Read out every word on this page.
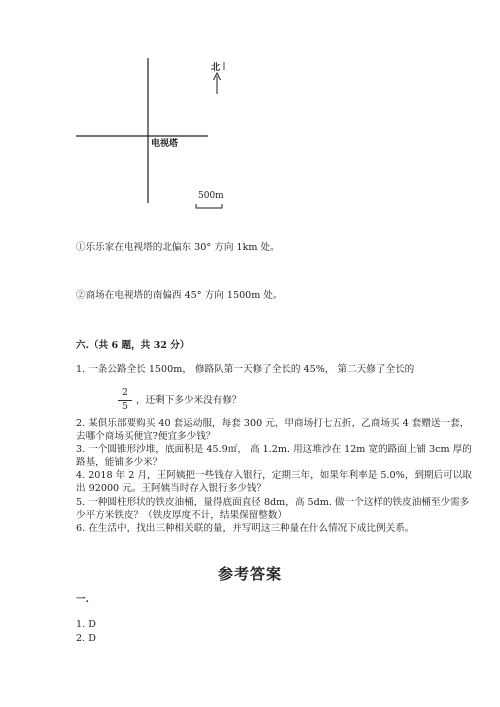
北
电视塔
500m
①乐乐家在电视塔的北偏东 30° 方向 1km 处。
②商场在电视塔的南偏西 45° 方向 1500m 处。
六.（共 6 题，共 32 分）
1. 一条公路全长 1500m， 修路队第一天修了全长的 45%， 第二天修了全长的
2
5
，还剩下多少米没有修？
2. 某俱乐部要购买 40 套运动服，每套 300 元，甲商场打七五折，乙商场买 4 套赠送一套，去哪个商场买便宜?便宜多少钱？
3. 一个圆锥形沙堆，底面积是 45.9㎡， 高 1.2m. 用这堆沙在 12m 宽的路面上铺 3cm 厚的路基，能铺多少米？
4. 2018 年 2 月，王阿姨把一些钱存入银行，定期三年，如果年利率是 5.0%，到期后可以取出 92000 元。王阿姨当时存入银行多少钱？
5. 一种圆柱形状的铁皮油桶，量得底面直径 8dm，高 5dm. 做一个这样的铁皮油桶至少需多少平方米铁皮？（铁皮厚度不计，结果保留整数）
6. 在生活中，找出三种相关联的量，并写明这三种量在什么情况下成比例关系。
参考答案
一.
1. D
2. D
